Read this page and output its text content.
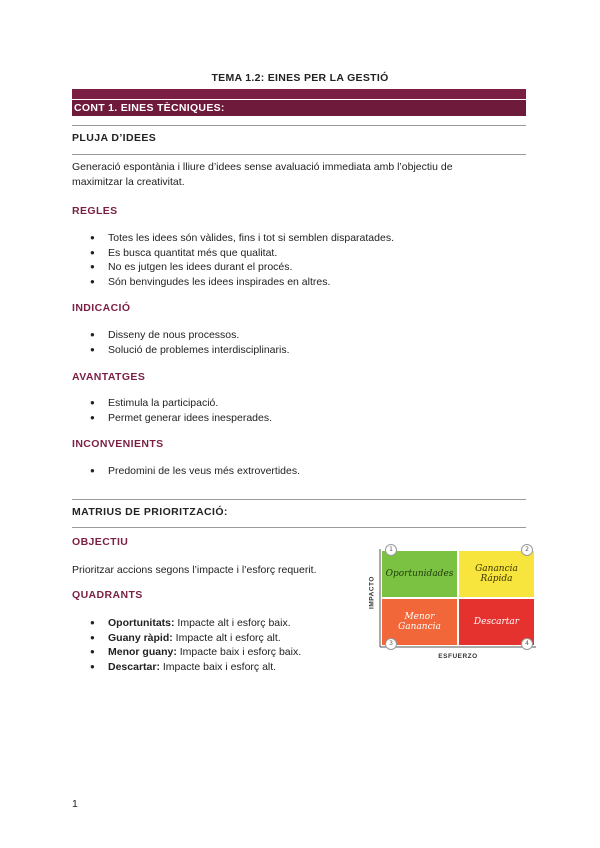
TEMA 1.2: EINES PER LA GESTIÓ
CONT 1. EINES TÈCNIQUES:
PLUJA D’IDEES
Generació espontània i lliure d’idees sense avaluació immediata amb l’objectiu de
maximitzar la creativitat.
REGLES
● Totes les idees són vàlides, fins i tot si semblen disparatades.
● Es busca quantitat més que qualitat.
● No es jutgen les idees durant el procés.
● Són benvingudes les idees inspirades en altres.
INDICACIÓ
● Disseny de nous processos.
● Solució de problemes interdisciplinaris.
AVANTATGES
● Estimula la participació.
● Permet generar idees inesperades.
INCONVENIENTS
● Predomini de les veus més extrovertides.
MATRIUS DE PRIORITZACIÓ:
OBJECTIU
Prioritzar accions segons l’impacte i l’esforç requerit.
QUADRANTS
● Oportunitats: Impacte alt i esforç baix.
● Guany ràpid: Impacte alt i esforç alt.
● Menor guany: Impacte baix i esforç baix.
● Descartar: Impacte baix i esforç alt.
IMPACTO
Oportunidades Ganancia
Rápida
Menor
Ganancia	Descartar
1	2
3	4
ESFUERZO
1
